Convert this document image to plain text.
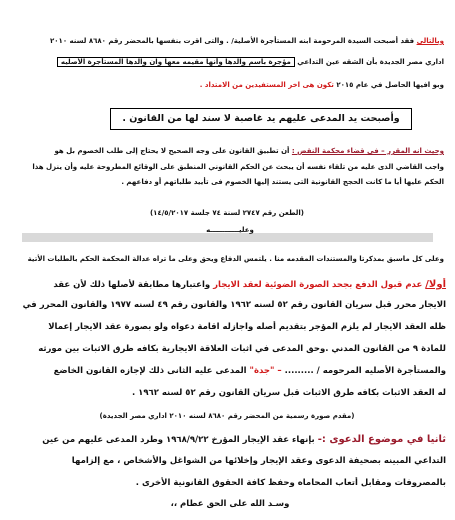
وبالتالى فقد أصبحت السيدة المرحومة ابنه المستأجرة الأصلية/ . والتى اقرت بنفسها بالمحضر رقم ٨٦٨٠ لسنه ٢٠١٠
اداري مصر الجديدة بأن الشقه عين التداعي مؤجرة باسم والدها وأنها مقيمه معها وان والدها المستأجرة الأصليه
وبو افيها الحاصل في عام ٢٠١٥ تكون هى اخر المستفيدين من الامتداد .
وأصبحت يد المدعى عليهم يد غاصبة لا سند لها من القانون .
وحيث انه المقرر – فى قضاء محكمة النقض : أن تطبيق القانون على وجه الصحيح لا يحتاج إلى طلب الخصوم بل هو
واجب القاضي الذى عليه من تلقاء نفسه أن يبحث عن الحكم القانوني المنطبق على الوقائع المطروحة عليه وأن ينزل هذا
الحكم عليها أيا ما كانت الحجج القانونية التى يستند إليها الخصوم فى تأييد طلباتهم أو دفاعهم .
(الطعن رقم ٢٧٤٧ لسنة ٧٤ جلسة ١٤/٥/٢٠١٧)
وعليــــــــــــه
وعلى كل ماسبق بمذكرتا والمستندات المقدمه منا . يلتمس الدفاع ويحق وعلى ما تراه عدالة المحكمة الحكم بالطلبات الأتية
أولا/ عدم قبول الدفع بجحد الصورة الضوئية لعقد الايجار واعتبارها مطابقة لأصلها ذلك لأن عقد
الايجار محرر قبل سريان القانون رقم ٥٢ لسنه ١٩٦٢ والقانون رقم ٤٩ لسنه ١٩٧٧ والقانون المحرر في
ظله العقد الايجار لم يلزم المؤجر بتقديم أصله واجازله اقامة دعواه ولو بصورة عقد الايجار إعمالا
للمادة ٩ من القانون المدني .وحق المدعى في اثبات العلاقة الايجارية بكافه طرق الاثبات بين مورثه
والمستأجرة الأصليه المرحومه / ......... – "جدة" المدعى عليه الثانى ذلك لإجازه القانون الخاضع
له العقد الاثبات بكافه طرق الاثبات قبل سريان القانون رقم ٥٢ لسنه ١٩٦٢ .
(مقدم صورة رسمية من المحضر رقم ٨٦٨٠ لسنه ٢٠١٠ اداري مصر الجديدة)
ثانيا في موضوع الدعوى :- بإنهاء عقد الإيجار المؤرخ ١٩٦٨/٩/٢٢ وطرد المدعى عليهم من عين
التداعي المبينه بصحيفة الدعوى وعقد الإيجار وإخلائها من الشواغل والأشخاص ، مع إلزامها
بالمصروفات ومقابل أتعاب المحاماه وحفظ كافة الحقوق القانونية الأخرى .
وسـد الله على الحق عطام ،،
